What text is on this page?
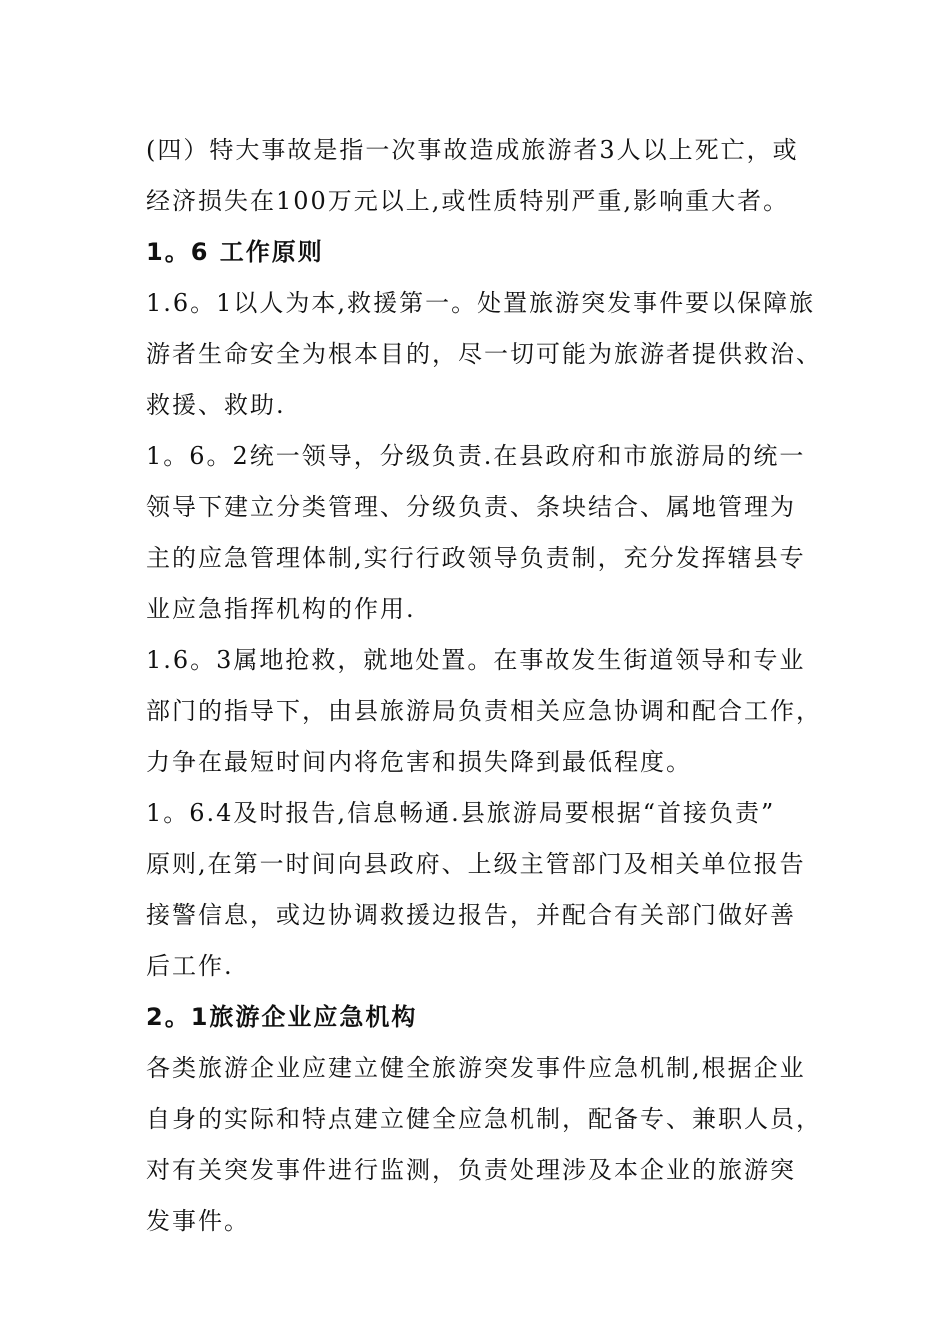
(四）特大事故是指一次事故造成旅游者3人以上死亡，或
经济损失在100万元以上,或性质特别严重,影响重大者。
1。6 工作原则
1.6。1以人为本,救援第一。处置旅游突发事件要以保障旅
游者生命安全为根本目的，尽一切可能为旅游者提供救治、
救援、救助.
1。6。2统一领导，分级负责.在县政府和市旅游局的统一
领导下建立分类管理、分级负责、条块结合、属地管理为
主的应急管理体制,实行行政领导负责制，充分发挥辖县专
业应急指挥机构的作用.
1.6。3属地抢救，就地处置。在事故发生街道领导和专业
部门的指导下，由县旅游局负责相关应急协调和配合工作，
力争在最短时间内将危害和损失降到最低程度。
1。6.4及时报告,信息畅通.县旅游局要根据“首接负责”
原则,在第一时间向县政府、上级主管部门及相关单位报告
接警信息，或边协调救援边报告，并配合有关部门做好善
后工作.
2。1旅游企业应急机构
各类旅游企业应建立健全旅游突发事件应急机制,根据企业
自身的实际和特点建立健全应急机制，配备专、兼职人员，
对有关突发事件进行监测，负责处理涉及本企业的旅游突
发事件。
